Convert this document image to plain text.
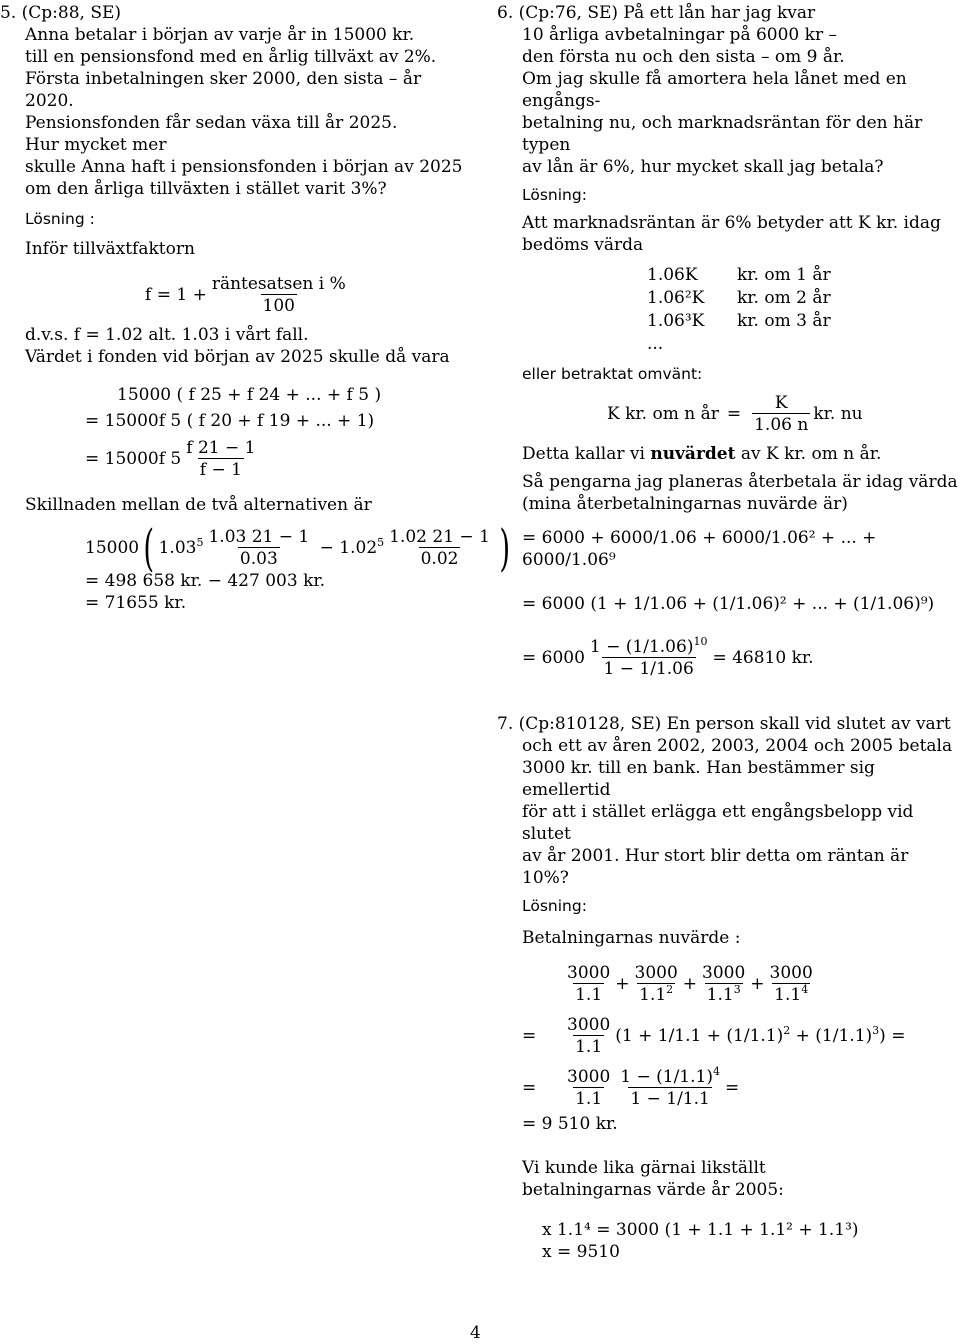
5. (Cp:88, SE)

Anna betalar i början av varje år in 15000 kr.

till en pensionsfond med en årlig tillväxt av 2%.

Första inbetalningen sker 2000, den sista – år 2020.

Pensionsfonden får sedan växa till år 2025.

Hur mycket mer

skulle Anna haft i pensionsfonden i början av 2025

om den årliga tillväxten i stället varit 3%?

Lösning :

Inför tillväxtfaktorn

$f = 1 + \frac{\text{räntesatsen i \%}}{100}$

d.v.s. f = 1.02 alt. 1.03 i vårt fall.

Värdet i fonden vid början av 2025 skulle då vara

15000 ( f 25 + f 24 + ... + f 5 )
= 15000f 5 ( f 20 + f 19 + ... + 1)
= 15000f $5 \frac{f 21 - 1}{f - 1}$

Skillnaden mellan de två alternativen är

15000 ( $1.03^5 \frac{1.03 21 - 1}{0.03} - 1.02^5 \frac{1.02 21 - 1}{0.02}$ )

= 498 658 kr. − 427 003 kr.

= 71655 kr.

6. (Cp:76, SE) På ett lån har jag kvar

10 årliga avbetalningar på 6000 kr –

den första nu och den sista – om 9 år.

Om jag skulle få amortera hela lånet med en engångs-

betalning nu, och marknadsräntan för den här typen

av lån är 6%, hur mycket skall jag betala?

Lösning:

Att marknadsräntan är 6% betyder att K kr. idag bedöms värda

1.06K	kr. om 1 år
1.06²K	kr. om 2 år
1.06³K	kr. om 3 år
...

eller betraktat omvänt:

K kr. om n år = $\frac{K}{1.06 n}$ kr. nu

Detta kallar vi nuvärdet av K kr. om n år.

Så pengarna jag planeras återbetala är idag värda (mina återbetalningarnas nuvärde är)

= 6000 + 6000/1.06 + 6000/1.06² + ... + 6000/1.06⁹

= 6000 (1 + 1/1.06 + (1/1.06)² + ... + (1/1.06)⁹)

= $6000 \frac{1 - (1/1.06)^{10}}{1 - 1/1.06} = 46810$ kr.

7. (Cp:810128, SE) En person skall vid slutet av vart

och ett av åren 2002, 2003, 2004 och 2005 betala

3000 kr. till en bank. Han bestämmer sig emellertid

för att i stället erlägga ett engångsbelopp vid slutet

av år 2001. Hur stort blir detta om räntan är 10%?

Lösning:

Betalningarnas nuvärde :

$\frac{3000}{1.1} + \frac{3000}{1.1^2} + \frac{3000}{1.1^3} + \frac{3000}{1.1^4}$
=	$\frac{3000}{1.1} (1 + 1/1.1 + (1/1.1)^2 + (1/1.1)^3)$ =
=	$\frac{3000}{1.1} \frac{1 - (1/1.1)^4}{1 - 1/1.1}$ =

= 9 510 kr.

Vi kunde lika gärnai likställt

betalningarnas värde år 2005:

x 1.1⁴ = 3000 (1 + 1.1 + 1.1² + 1.1³)

x = 9510

4
